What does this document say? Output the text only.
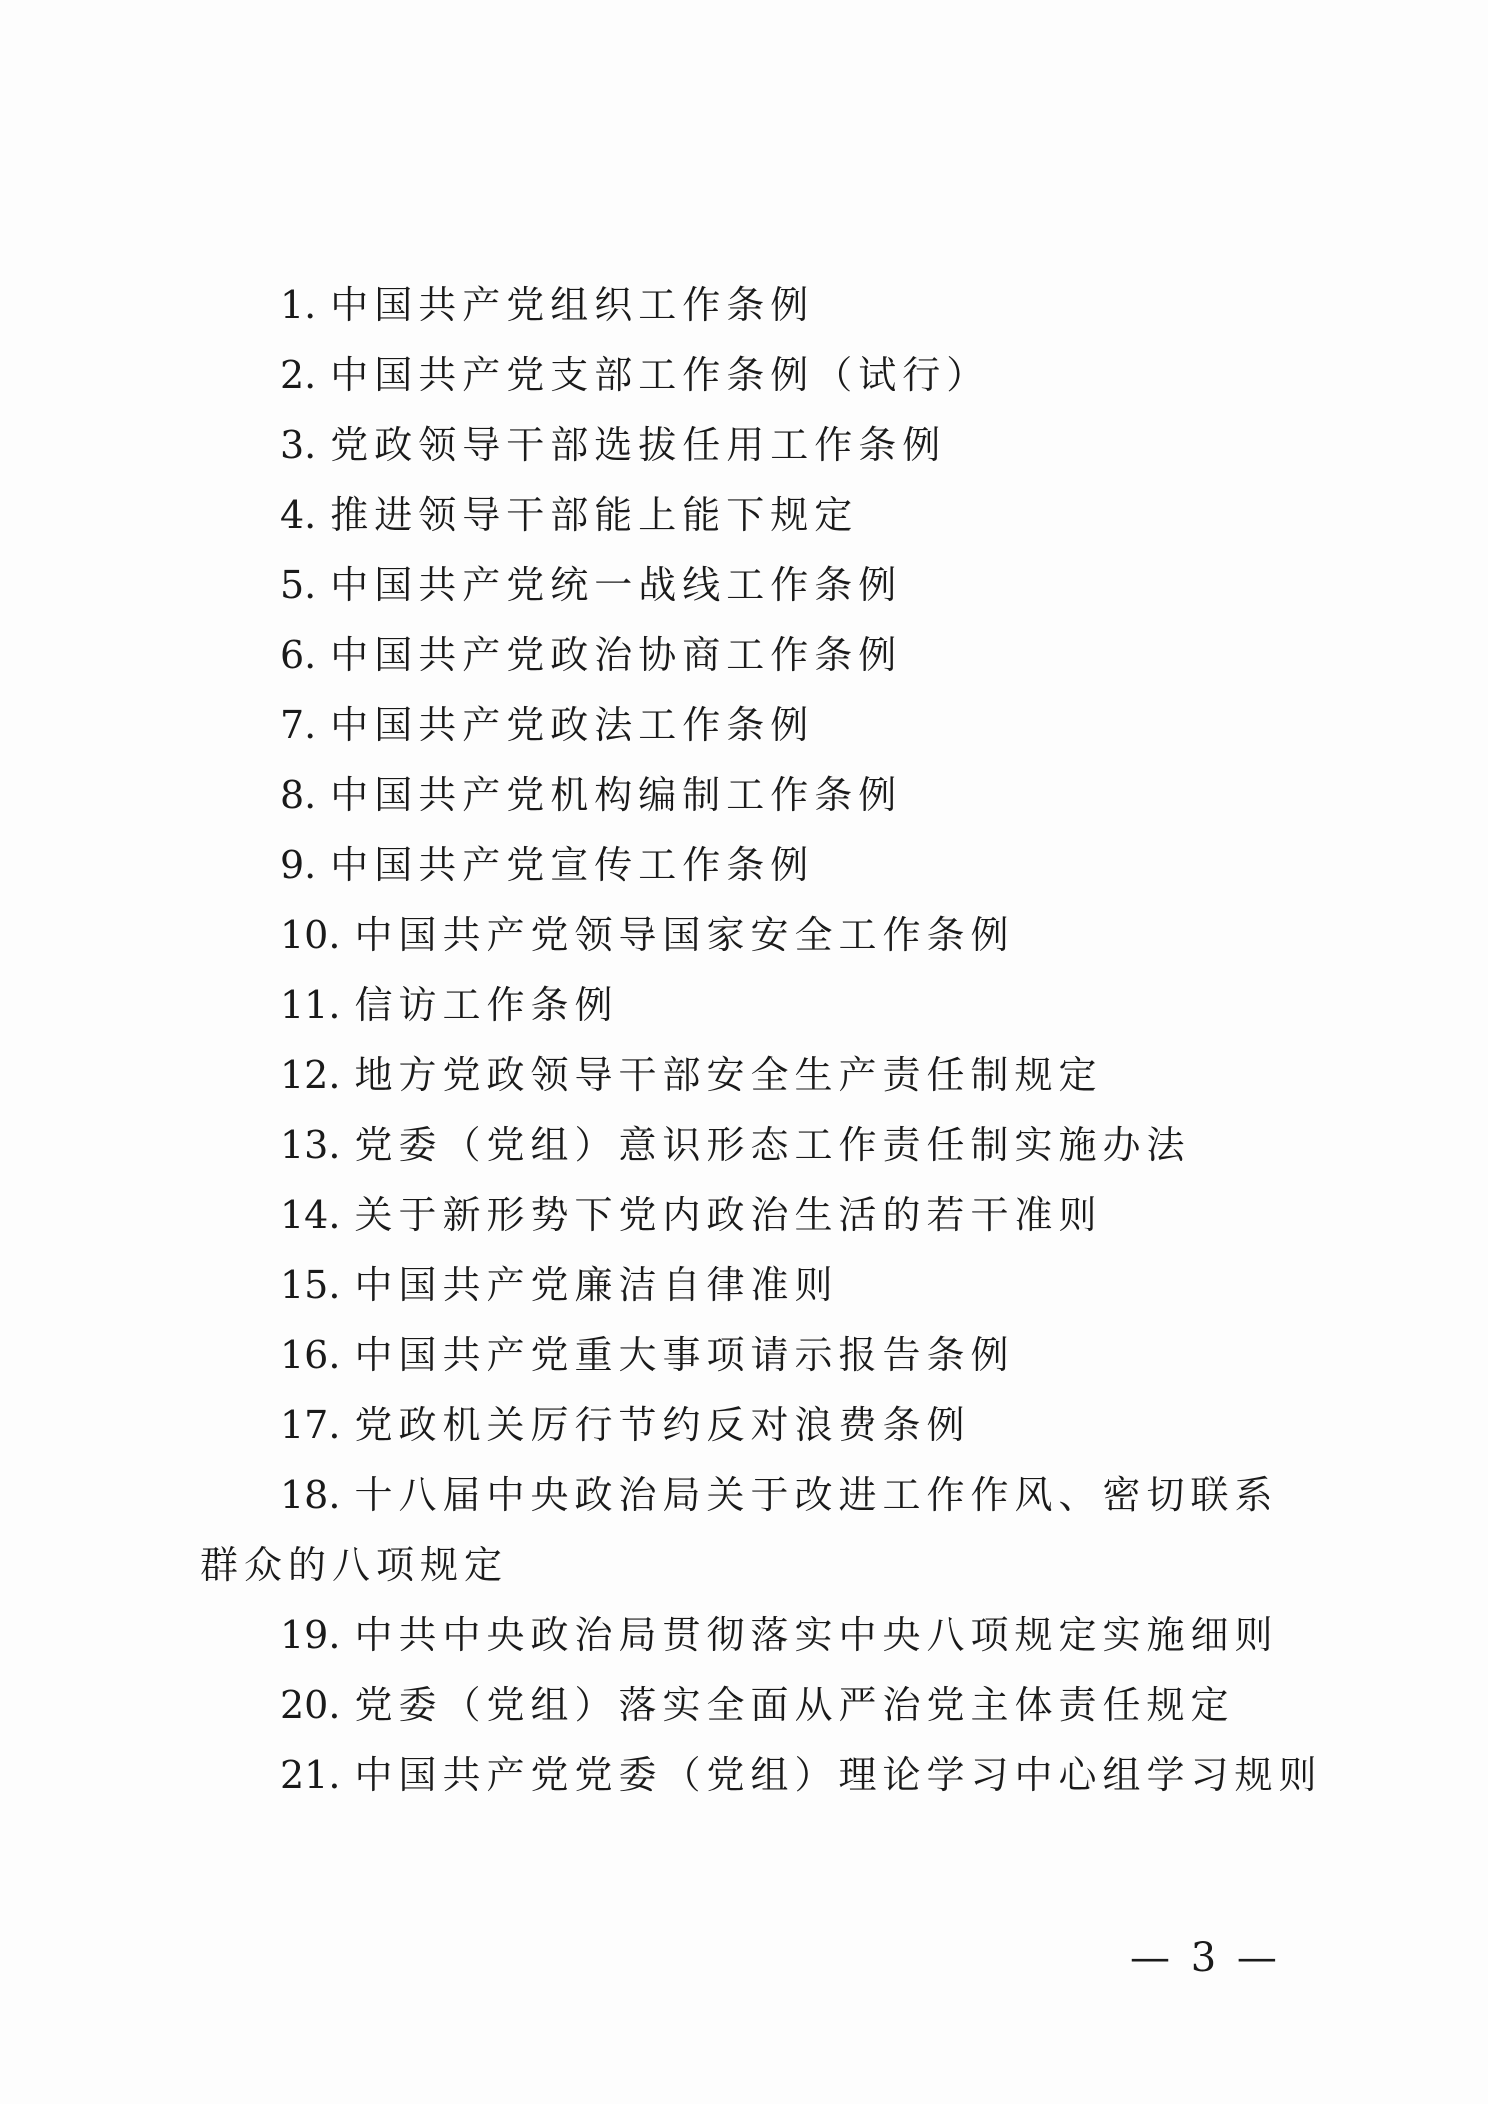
1. 中国共产党组织工作条例
2. 中国共产党支部工作条例（试行）
3. 党政领导干部选拔任用工作条例
4. 推进领导干部能上能下规定
5. 中国共产党统一战线工作条例
6. 中国共产党政治协商工作条例
7. 中国共产党政法工作条例
8. 中国共产党机构编制工作条例
9. 中国共产党宣传工作条例
10. 中国共产党领导国家安全工作条例
11. 信访工作条例
12. 地方党政领导干部安全生产责任制规定
13. 党委（党组）意识形态工作责任制实施办法
14. 关于新形势下党内政治生活的若干准则
15. 中国共产党廉洁自律准则
16. 中国共产党重大事项请示报告条例
17. 党政机关厉行节约反对浪费条例
18. 十八届中央政治局关于改进工作作风、密切联系群众的八项规定
19. 中共中央政治局贯彻落实中央八项规定实施细则
20. 党委（党组）落实全面从严治党主体责任规定
21. 中国共产党党委（党组）理论学习中心组学习规则
— 3 —
